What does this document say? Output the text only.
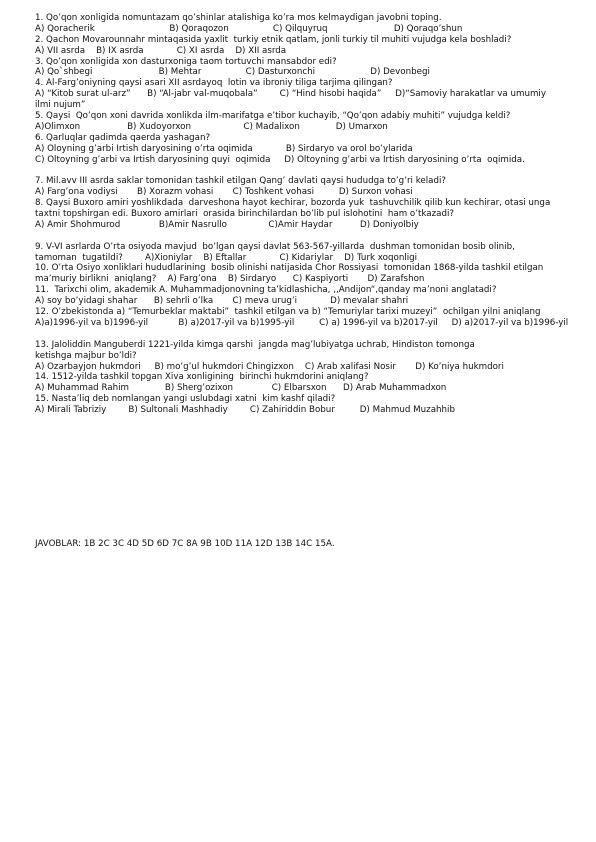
1. Qo’qon xonligida nomuntazam qo’shinlar atalishiga ko’ra mos kelmaydigan javobni toping.
A) Qoracherik                           B) Qoraqozon                C) Qilquyruq                        D) Qoraqo’shun
2. Qachon Movarounnahr mintaqasida yaxlit  turkiy etnik qatlam, jonli turkiy til muhiti vujudga kela boshladi?
A) VII asrda    B) IX asrda            C) XI asrda    D) XII asrda
3. Qo’qon xonligida xon dasturxoniga taom tortuvchi mansabdor edi?
A) Qo`shbegi                        B) Mehtar                C) Dasturxonchi                    D) Devonbegi
4. Al-Farg’oniyning qaysi asari XII asrdayoq  lotin va ibroniy tiliga tarjima qilingan?
A) “Kitob surat ul-arz”      B) “Al-jabr val-muqobala”        C) “Hind hisobi haqida”     D)“Samoviy harakatlar va umumiy
ilmi nujum”
5. Qaysi  Qo’qon xoni davrida xonlikda ilm-marifatga e’tibor kuchayib, “Qo’qon adabiy muhiti” vujudga keldi?
A)Olimxon                 B) Xudoyorxon                   C) Madalixon             D) Umarxon
6. Qarluqlar qadimda qaerda yashagan?
A) Oloyning g’arbi Irtish daryosining o’rta oqimida            B) Sirdaryo va orol bo’ylarida
C) Oltoyning g’arbi va Irtish daryosining quyi  oqimida     D) Oltoyning g’arbi va Irtish daryosining o’rta  oqimida.
7. Mil.avv III asrda saklar tomonidan tashkil etilgan Qang’ davlati qaysi hududga to’g’ri keladi?
A) Farg’ona vodiysi       B) Xorazm vohasi       C) Toshkent vohasi         D) Surxon vohasi
8. Qaysi Buxoro amiri yoshlikdada  darveshona hayot kechirar, bozorda yuk  tashuvchilik qilib kun kechirar, otasi unga
taxtni topshirgan edi. Buxoro amirlari  orasida birinchilardan bo’lib pul islohotini  ham o’tkazadi?
A) Amir Shohmurod              B)Amir Nasrullo               C)Amir Haydar          D) Doniyolbiy
9. V-VI asrlarda O’rta osiyoda mavjud  bo’lgan qaysi davlat 563-567-yillarda  dushman tomonidan bosib olinib,
tamoman  tugatildi?        A)Xioniylar    B) Eftallar            C) Kidariylar    D) Turk xoqonligi
10. O’rta Osiyo xonliklari hududlarining  bosib olinishi natijasida Chor Rossiyasi  tomonidan 1868-yilda tashkil etilgan
ma’muriy birlikni  aniqlang?    A) Farg’ona    B) Sirdaryo      C) Kaspiyorti       D) Zarafshon
11.  Tarixchi olim, akademik A. Muhammadjonovning ta’kidlashicha, ,,Andijon“,qanday ma’noni anglatadi?
A) soy bo’yidagi shahar      B) sehrli o’lka       C) meva urug’i            D) mevalar shahri
12. O’zbekistonda a) “Temurbeklar maktabi”  tashkil etilgan va b) “Temuriylar tarixi muzeyi”  ochilgan yilni aniqlang
A)a)1996-yil va b)1996-yil           B) a)2017-yil va b)1995-yil         C) a) 1996-yil va b)2017-yil     D) a)2017-yil va b)1996-yil
13. Jaloliddin Manguberdi 1221-yilda kimga qarshi  jangda mag’lubiyatga uchrab, Hindiston tomonga
ketishga majbur bo’ldi?
A) Ozarbayjon hukmdori     B) mo’g’ul hukmdori Chingizxon    C) Arab xalifasi Nosir       D) Ko’niya hukmdori
14. 1512-yilda tashkil topgan Xiva xonligining  birinchi hukmdorini aniqlang?
A) Muhammad Rahim             B) Sherg’ozixon              C) Elbarsxon      D) Arab Muhammadxon
15. Nasta’liq deb nomlangan yangi uslubdagi xatni  kim kashf qiladi?
A) Mirali Tabriziy        B) Sultonali Mashhadiy        C) Zahiriddin Bobur         D) Mahmud Muzahhib
JAVOBLAR: 1B 2C 3C 4D 5D 6D 7C 8A 9B 10D 11A 12D 13B 14C 15A.
